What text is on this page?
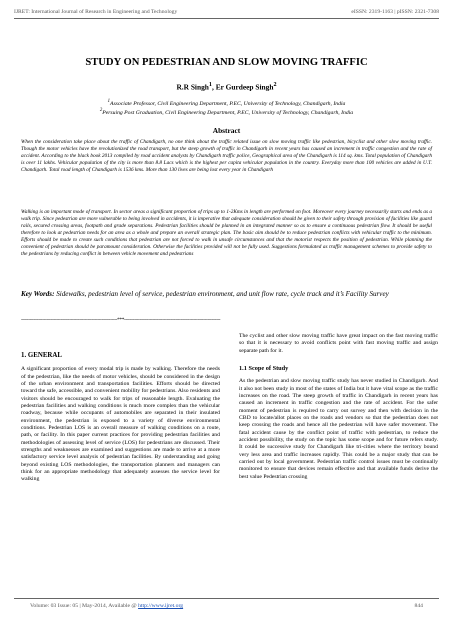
IJRET: International Journal of Research in Engineering and Technology	eISSN: 2319-1163 | pISSN: 2321-7308
STUDY ON PEDESTRIAN AND SLOW MOVING TRAFFIC
R.R Singh$^1$, Er Gurdeep Singh$^2$
$^1$Associate Professor, Civil Engineering Department, P.EC, University of Technology, Chandigarh, India
$^2$Persuing Post Graduation, Civil Engineering Department, P.EC, University of Technology, Chandigarh, India
Abstract

When the consideration take place about the traffic of Chandigarh, no one think about the traffic related issue on slow moving traffic like pedestrian, bicyclist and other slow moving traffic. Though the motor vehicles have the revolutionized the road transport, but the steep growth of traffic in Chandigarh in recent years has caused an increment in traffic congestion and the rate of accident. According to the black book 2013 compiled by road accident analysts by Chandigarh traffic police, Geographical area of the Chandigarh is 114 sq. kms. Total population of Chandigarh is over 11 lakhs. Vehicular population of the city is more than 8.8 Lacs which is the highest per capita vehicular population in the country. Everyday more than 100 vehicles are added in U.T. Chandigarh. Total road length of Chandigarh is 1536 kms. More than 130 lives are being lost every year in Chandigarh

Walking is an important mode of transport. In sector areas a significant proportion of trips up to 1-2Kms in length are performed on foot. Moreover every journey necessarily starts and ends as a walk trip. Since pedestrian are more vulnerable to being involved in accidents, it is imperative that adequate consideration should be given to their safety through provision of facilities like guard rails, secured crossing areas, footpath and grade separations. Pedestrian facilities should be planned in an integrated manner so as to ensure a continuous pedestrian flow. It should be useful therefore to look at pedestrian needs for an area as a whole and prepare an overall strategic plan. The basic aim should be to reduce pedestrian conflicts with vehicular traffic to the minimum. Efforts should be made to create such conditions that pedestrian are not forced to walk in unsafe circumstances and that the motorist respects the position of pedestrian. While planning the convenient of pedestrian should be paramount consideration. Otherwise the facilities provided will not be fully used. Suggestions formulated as traffic management schemes to provide safety to the pedestrians by reducing conflict in between vehicle movement and pedestrians

Key Words: Sidewalks, pedestrian level of service, pedestrian environment, and unit flow rate, cycle track and it’s Facility Survey
--------------------------------------------------------------------***--------------------------------------------------------------------
1. GENERAL

A significant proportion of every modal trip is made by walking. Therefore the needs of the pedestrian, like the needs of motor vehicles, should be considered in the design of the urban environment and transportation facilities. Efforts should be directed toward the safe, accessible, and convenient mobility for pedestrians. Also residents and visitors should be encouraged to walk for trips of reasonable length. Evaluating the pedestrian facilities and walking conditions is much more complex than the vehicular roadway, because while occupants of automobiles are separated in their insulated environment, the pedestrian is exposed to a variety of diverse environmental conditions. Pedestrian LOS is an overall measure of walking conditions on a route, path, or facility. In this paper current practices for providing pedestrian facilities and methodologies of assessing level of service (LOS) for pedestrians are discussed. Their strengths and weaknesses are examined and suggestions are made to arrive at a more satisfactory service level analysis of pedestrian facilities. By understanding and going beyond existing LOS methodologies, the transportation planners and managers can think for an appropriate methodology that adequately assesses the service level for walking

The cyclist and other slow moving traffic have great impact on the fast moving traffic so that it is necessary to avoid conflicts point with fast moving traffic and assign separate path for it.

1.1 Scope of Study

As the pedestrian and slow moving traffic study has never studied in Chandigarh. And it also not been study in most of the states of India but it have vital scope as the traffic increases on the road. The steep growth of traffic in Chandigarh in recent years has caused an increment in traffic congestion and the rate of accident. For the safer moment of pedestrian is required to carry out survey and then with decision in the CBD to locate/allot places on the roads and vendors so that the pedestrian does not keep crossing the roads and hence all the pedestrian will have safer movement. The fatal accident cause by the conflict point of traffic with pedestrian, to reduce the accident possibility, the study on the topic has some scope and for future refers study. It could be successive study for Chandigarh like tri-cities where the territory bound very less area and traffic increases rapidly. This could be a major study that can be carried out by local government. Pedestrian traffic control issues must be continually monitored to ensure that devices remain effective and that available funds derive the best value Pedestrian crossing

Volume: 03 Issue: 05 | May-2014, Available @ http://www.ijret.org	844
